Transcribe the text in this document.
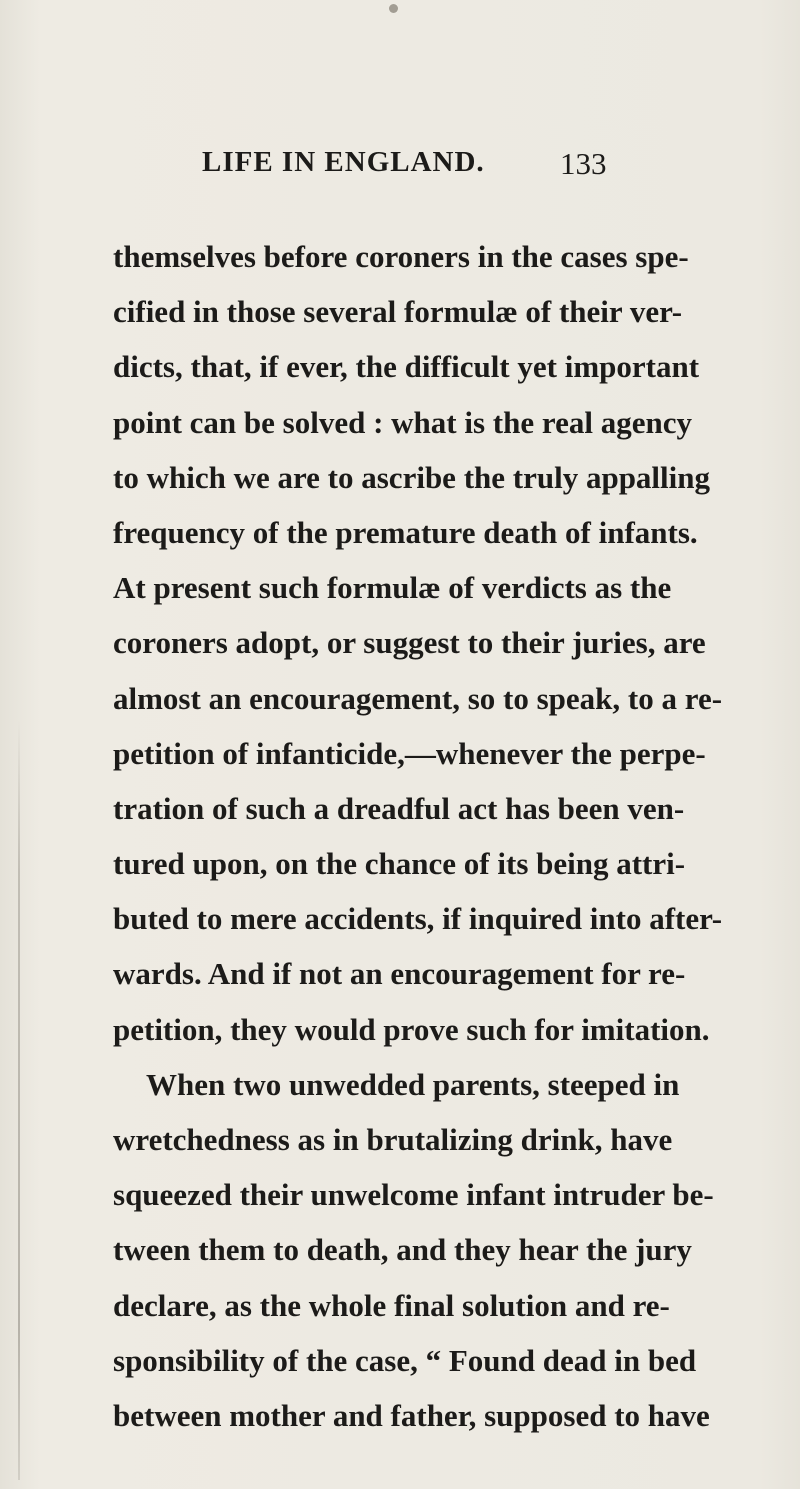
LIFE IN ENGLAND. 133
themselves before coroners in the cases spe-
cified in those several formulæ of their ver-
dicts, that, if ever, the difficult yet important
point can be solved : what is the real agency
to which we are to ascribe the truly appalling
frequency of the premature death of infants.
At present such formulæ of verdicts as the
coroners adopt, or suggest to their juries, are
almost an encouragement, so to speak, to a re-
petition of infanticide,—whenever the perpe-
tration of such a dreadful act has been ven-
tured upon, on the chance of its being attri-
buted to mere accidents, if inquired into after-
wards. And if not an encouragement for re-
petition, they would prove such for imitation.
When two unwedded parents, steeped in
wretchedness as in brutalizing drink, have
squeezed their unwelcome infant intruder be-
tween them to death, and they hear the jury
declare, as the whole final solution and re-
sponsibility of the case, “ Found dead in bed
between mother and father, supposed to have
